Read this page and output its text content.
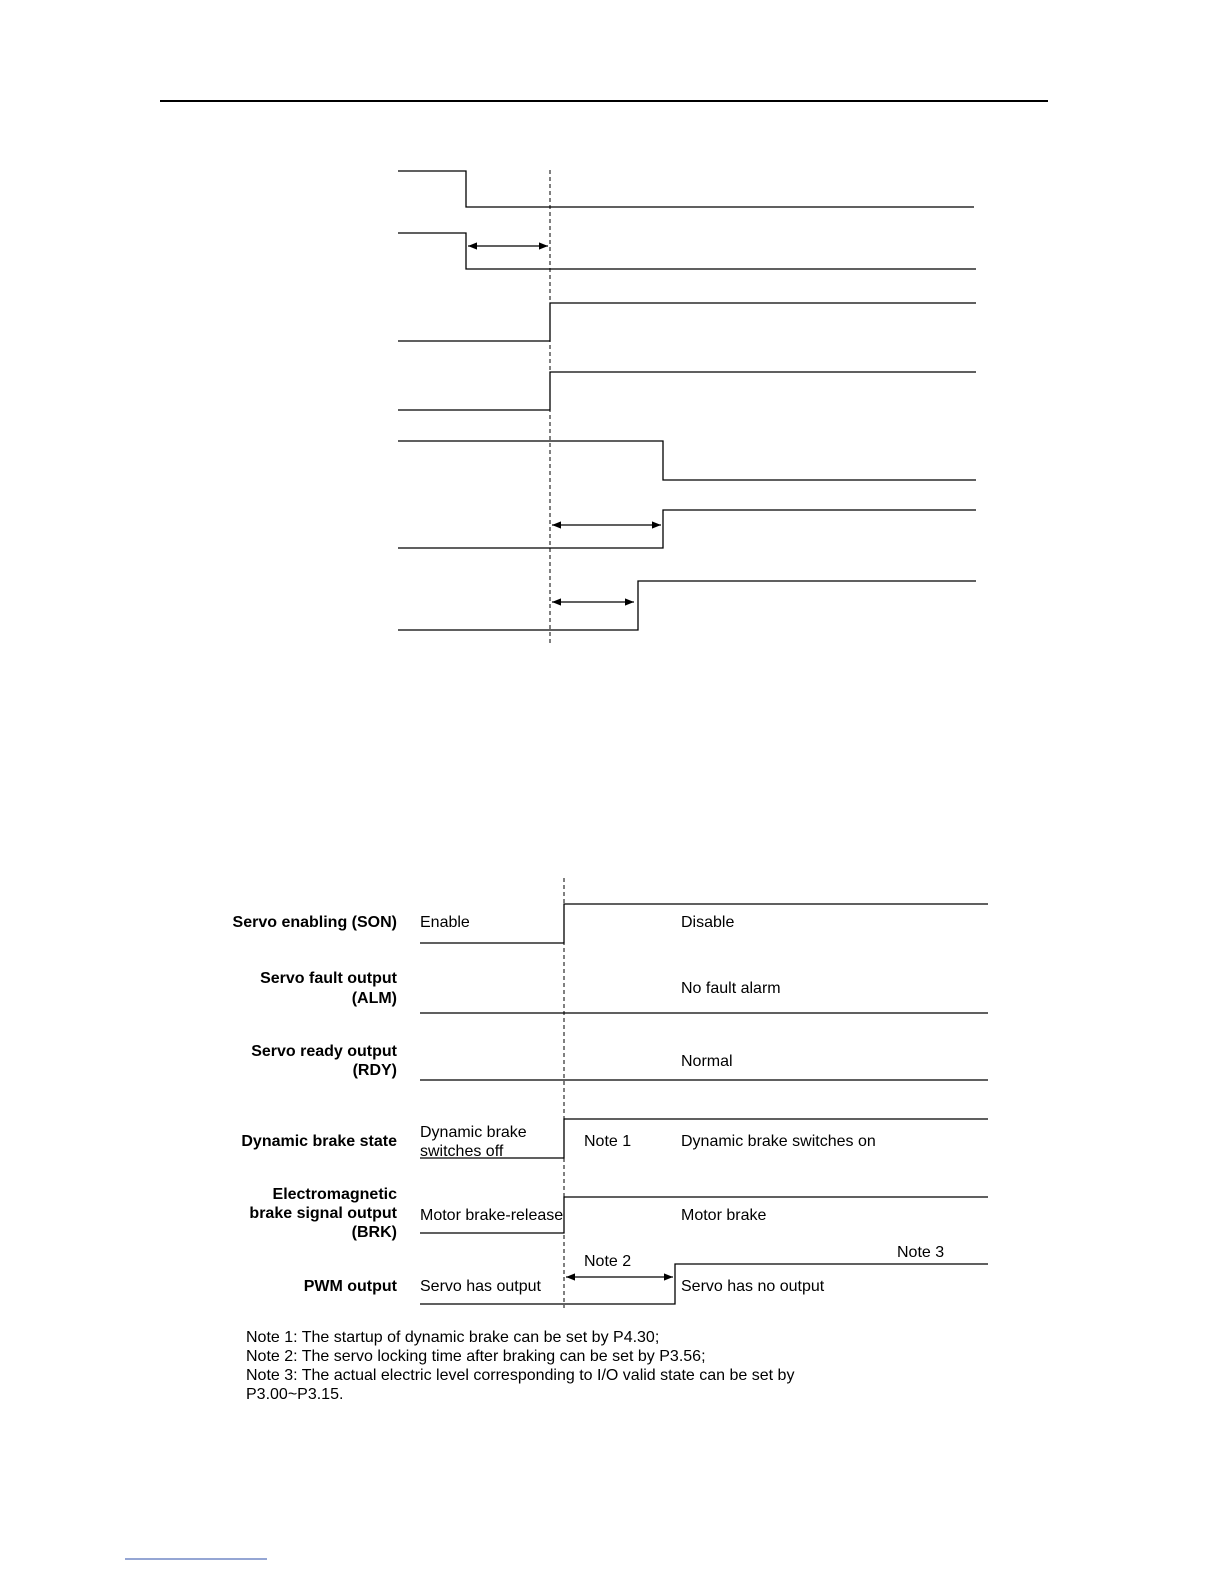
Servo enabling (SON)
Servo fault output
(ALM)
Servo ready output
(RDY)
Dynamic brake state
Electromagnetic
brake signal output
(BRK)
PWM output
Enable	Disable
No fault alarm
Normal
Dynamic brake
switches off
Note 1	Dynamic brake switches on
Motor brake-release	Motor brake
Note 2
Note 3
Servo has output	Servo has no output
Note 1: The startup of dynamic brake can be set by P4.30;
Note 2: The servo locking time after braking can be set by P3.56;
Note 3: The actual electric level corresponding to I/O valid state can be set by
P3.00~P3.15.
